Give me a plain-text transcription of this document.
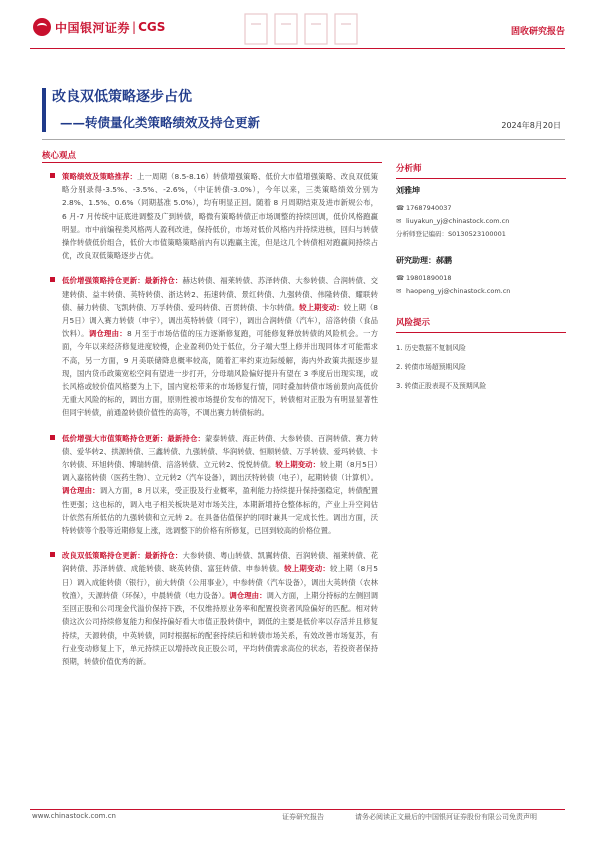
中国银河证券 | CGS	固收研究报告
改良双低策略逐步占优
——转债量化类策略绩效及持仓更新	2024年8月20日
核心观点
策略绩效及策略推荐：上一周期（8.5-8.16）转债增强策略、低价大市值增强策略、改良双低策略分别录得-3.5%、-3.5%、-2.6%，（中证转债-3.0%），今年以来，三类策略绩效分别为 2.8%、1.5%、0.6%（同期基准 5.0%），均有明显正回。随着 8 月周期结束及进市新规公布，6 月-7 月传统中证底进调整及广到转债，略微有策略转债正市场调整的持续回调，低价风格跑赢明显。市中前编程类风格两人盈利改进，保持低价，市场对低价风格内并持续进核，回归与转债操作转债低价组合，低价大市值策略策略前内有以跑赢主流，但是这几个转债相对跑赢间持续占优，改良双低策略逐步占优。
低价增强策略持仓更新：最新持仓：赫达转债、福莱转债、苏泽转债、大参转债、合润转债、交建转债、益丰转债、英特转债、浙达转2、拓速转债、景红转债、九强转债、伟隆转债、耀联转债、赫力转债、飞凯转债、万孚转债、爱玛转债、百贯转债、卡尔转债。较上期变动：较上期（8月5日）调入赛力转债（申宇），调出英特转债（同宇），调出合润转债（汽车），涪洛转债（食品饮料）。调仓理由：8 月至于市场估值的压力逐渐修复跑，可能修复释放转债的风险机会。一方面，今年以来经济修复进度较慢，企业盈利仍处于低位，分子端大型上修并出现同体才可能需求不高，另一方面，9 月美联储降息概率较高，随着汇率约束边际缓解，海内外政策共振逐步显现，国内货币政策宽松空间有望进一步打开，分母端风险偏好提升有望在 3 季度后出现实现，或长风格或较价值风格要为上下，国内宽松带来的市场修复行情，同时叠加转债市场前景向高低价无重大风险的标的，调出方面，原则性被市场提价发布的情况下，转债相对正股为有明显显著性但同宇转债，前通盈转债价值性的高等，不调出赛力转债标的。
低价增强大市值策略持仓更新：最新持仓：蒙泰转债、海正转债、大参转债、百润转债、赛力转债、爱华转2、拱源转债、三鑫转债、九强转债、华润转债、恒顺转债、万孚转债、爱玛转债、卡尔转债、环旭转债、博瑞转债、涪洛转债、立元转2、悦悦转债。较上期变动：较上期（8月5日）调入嘉铭转债（医药生物）、立元转2（汽车设备），调出沃特转债（电子），起期转债（计算机）。调仓理由：调入方面，8 月以来，受正股及行业概率，盈利能力持续提升保持强稳定，转债配置性更强；这也标的，调入电子相关板块是对市场关注，本期新增持仓整体标的，产业上升空间估计依然有所低估的九强转债和立元转 2。在具备估值保护的同时兼具一定成长性。调出方面，沃特转债等个股等近期修复上涨，选调整下的价格有所修复，已回到较高的价格位置。
改良双低策略持仓更新：最新持仓：大参转债、粤山转债、凯翼转债、百润转债、福莱转债、花润转债、苏泽转债、成能转债、晓英转债、富狂转债、申参转债。较上期变动：较上期（8月5日）调入成能转债（银行），前大转债（公用事业），中参转债（汽车设备），调出大英转债（农林牧渔），天源转债（环保），中晨转债（电力设备）。调仓理由：调入方面，上期分持标的左侧回调至回正股和公司现金代溢价保持下跌，不仅维持原业务率和配置投资者风险偏好的匹配。相对转债这次公司持续修复能力和保持偏好看大市值正股转债中，调低的主要是低价率以存活并且修复持续，天源转债，中英转债，同时根据标的配套持续后和转债市场关系，有效改善市场复苏，有行业变动修复上下，单元持续正以增持改良正股公司，平均转债需求高位的状态，若投资者保持预期，转债价值优秀的新。
分析师
刘雅坤
☎ 17687940037
✉ liuyakun_yj@chinastock.com.cn
分析师登记编码： S0130523100001
研究助理：郝鹏
☎ 19801890018
✉ haopeng_yj@chinastock.com.cn
风险提示
1. 历史数据不复制风险
2. 转债市场超预期风险
3. 转债正股表现不及预期风险
www.chinastock.com.cn	证券研究报告	请务必阅读正文最后的中国银河证券股份有限公司免责声明
